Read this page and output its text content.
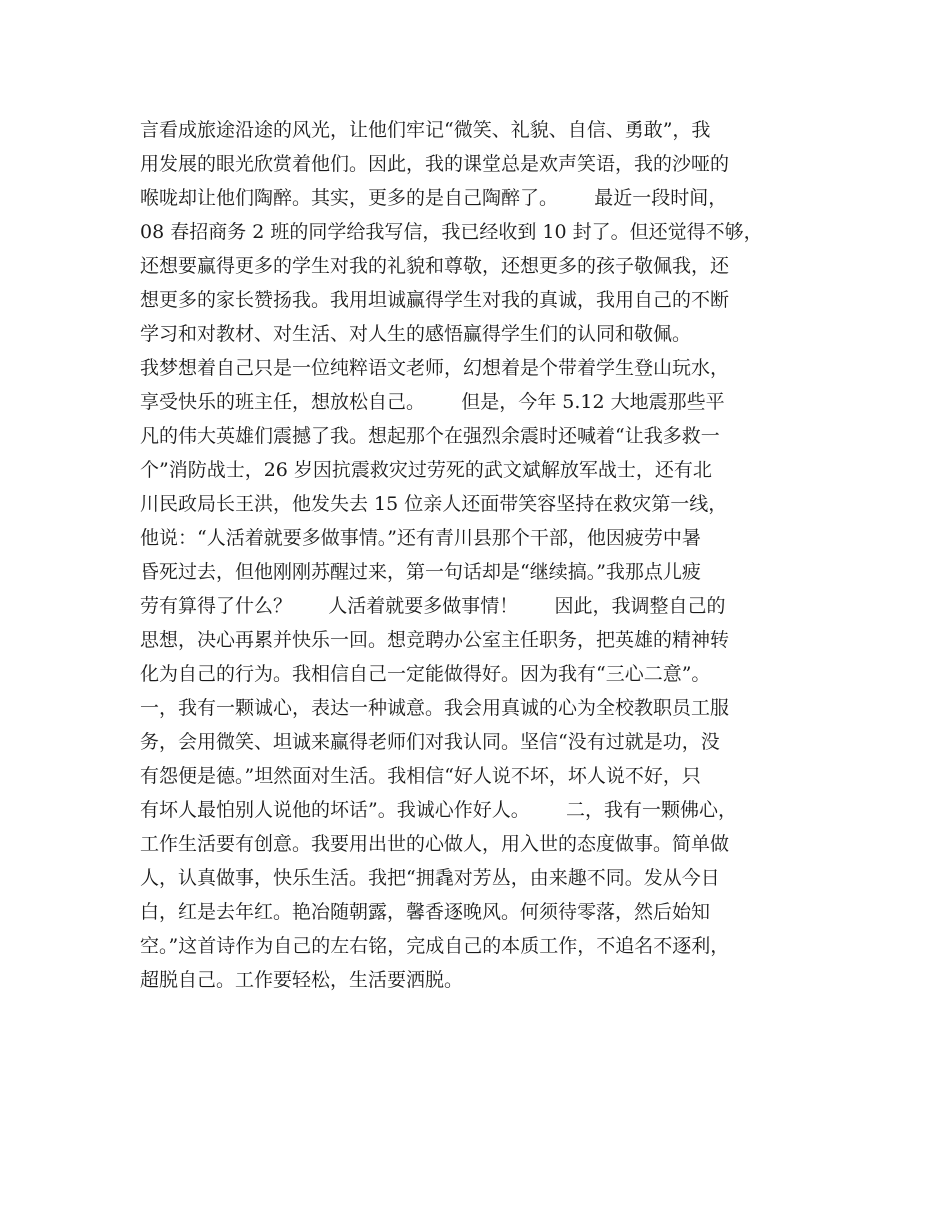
言看成旅途沿途的风光，让他们牢记“微笑、礼貌、自信、勇敢”，我
用发展的眼光欣赏着他们。因此，我的课堂总是欢声笑语，我的沙哑的
喉咙却让他们陶醉。其实，更多的是自己陶醉了。      最近一段时间，
08 春招商务 2 班的同学给我写信，我已经收到 10 封了。但还觉得不够，
还想要赢得更多的学生对我的礼貌和尊敬，还想更多的孩子敬佩我，还
想更多的家长赞扬我。我用坦诚赢得学生对我的真诚，我用自己的不断
学习和对教材、对生活、对人生的感悟赢得学生们的认同和敬佩。
我梦想着自己只是一位纯粹语文老师，幻想着是个带着学生登山玩水，
享受快乐的班主任，想放松自己。      但是，今年 5.12 大地震那些平
凡的伟大英雄们震撼了我。想起那个在强烈余震时还喊着“让我多救一
个”消防战士，26 岁因抗震救灾过劳死的武文斌解放军战士，还有北
川民政局长王洪，他发失去 15 位亲人还面带笑容坚持在救灾第一线，
他说：“人活着就要多做事情。”还有青川县那个干部，他因疲劳中暑
昏死过去，但他刚刚苏醒过来，第一句话却是“继续搞。”我那点儿疲
劳有算得了什么？      人活着就要多做事情！      因此，我调整自己的
思想，决心再累并快乐一回。想竞聘办公室主任职务，把英雄的精神转
化为自己的行为。我相信自己一定能做得好。因为我有“三心二意”。
一，我有一颗诚心，表达一种诚意。我会用真诚的心为全校教职员工服
务，会用微笑、坦诚来赢得老师们对我认同。坚信“没有过就是功，没
有怨便是德。”坦然面对生活。我相信“好人说不坏，坏人说不好，只
有坏人最怕别人说他的坏话”。我诚心作好人。      二，我有一颗佛心，
工作生活要有创意。我要用出世的心做人，用入世的态度做事。简单做
人，认真做事，快乐生活。我把“拥毳对芳丛，由来趣不同。发从今日
白，红是去年红。艳冶随朝露，馨香逐晚风。何须待零落，然后始知
空。”这首诗作为自己的左右铭，完成自己的本质工作，不追名不逐利，
超脱自己。工作要轻松，生活要洒脱。
